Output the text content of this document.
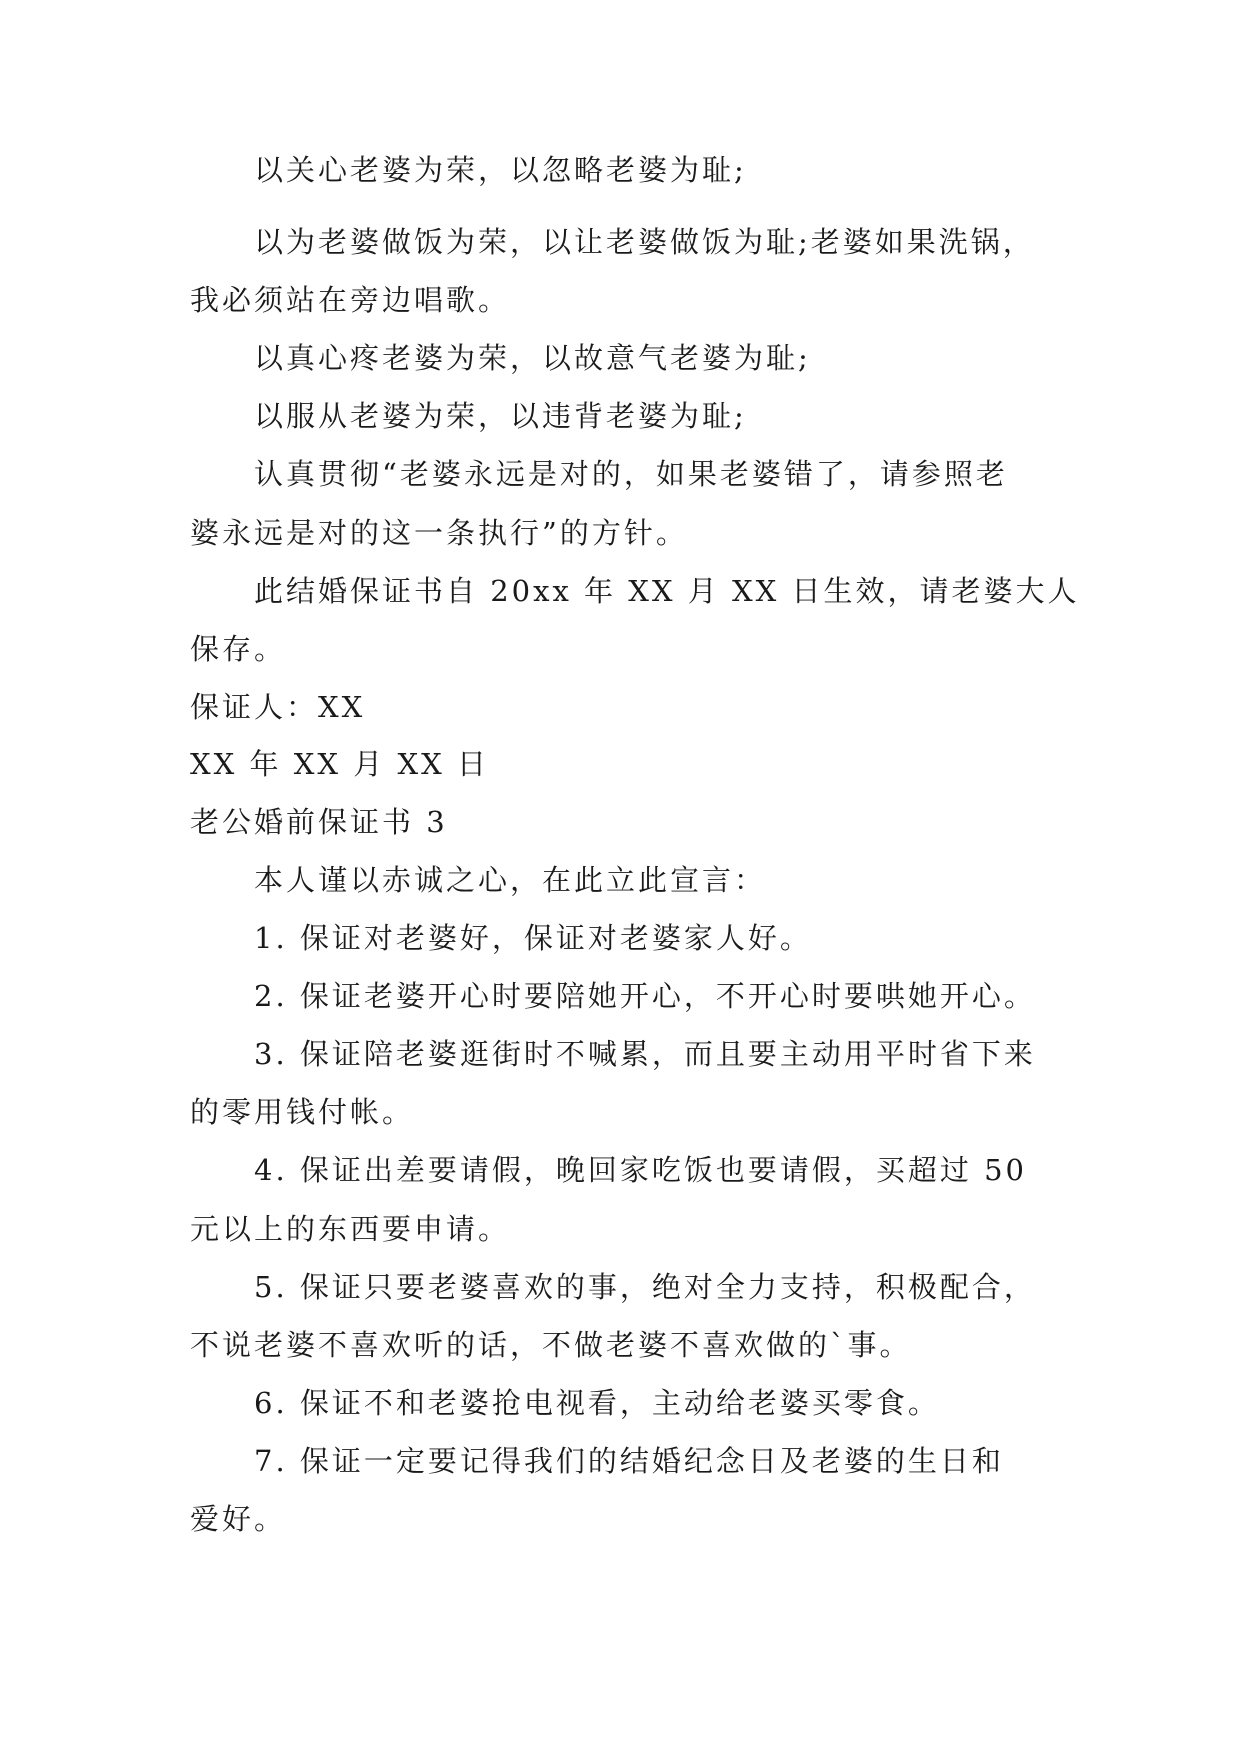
以关心老婆为荣，以忽略老婆为耻;
以为老婆做饭为荣，以让老婆做饭为耻;老婆如果洗锅，
我必须站在旁边唱歌。
以真心疼老婆为荣，以故意气老婆为耻;
以服从老婆为荣，以违背老婆为耻;
认真贯彻“老婆永远是对的，如果老婆错了，请参照老
婆永远是对的这一条执行”的方针。
此结婚保证书自 20xx 年 XX 月 XX 日生效，请老婆大人
保存。
保证人：XX
XX 年 XX 月 XX 日
老公婚前保证书 3
本人谨以赤诚之心，在此立此宣言：
1. 保证对老婆好，保证对老婆家人好。
2. 保证老婆开心时要陪她开心，不开心时要哄她开心。
3. 保证陪老婆逛街时不喊累，而且要主动用平时省下来
的零用钱付帐。
4. 保证出差要请假，晚回家吃饭也要请假，买超过 50
元以上的东西要申请。
5. 保证只要老婆喜欢的事，绝对全力支持，积极配合，
不说老婆不喜欢听的话，不做老婆不喜欢做的`事。
6. 保证不和老婆抢电视看，主动给老婆买零食。
7. 保证一定要记得我们的结婚纪念日及老婆的生日和
爱好。
